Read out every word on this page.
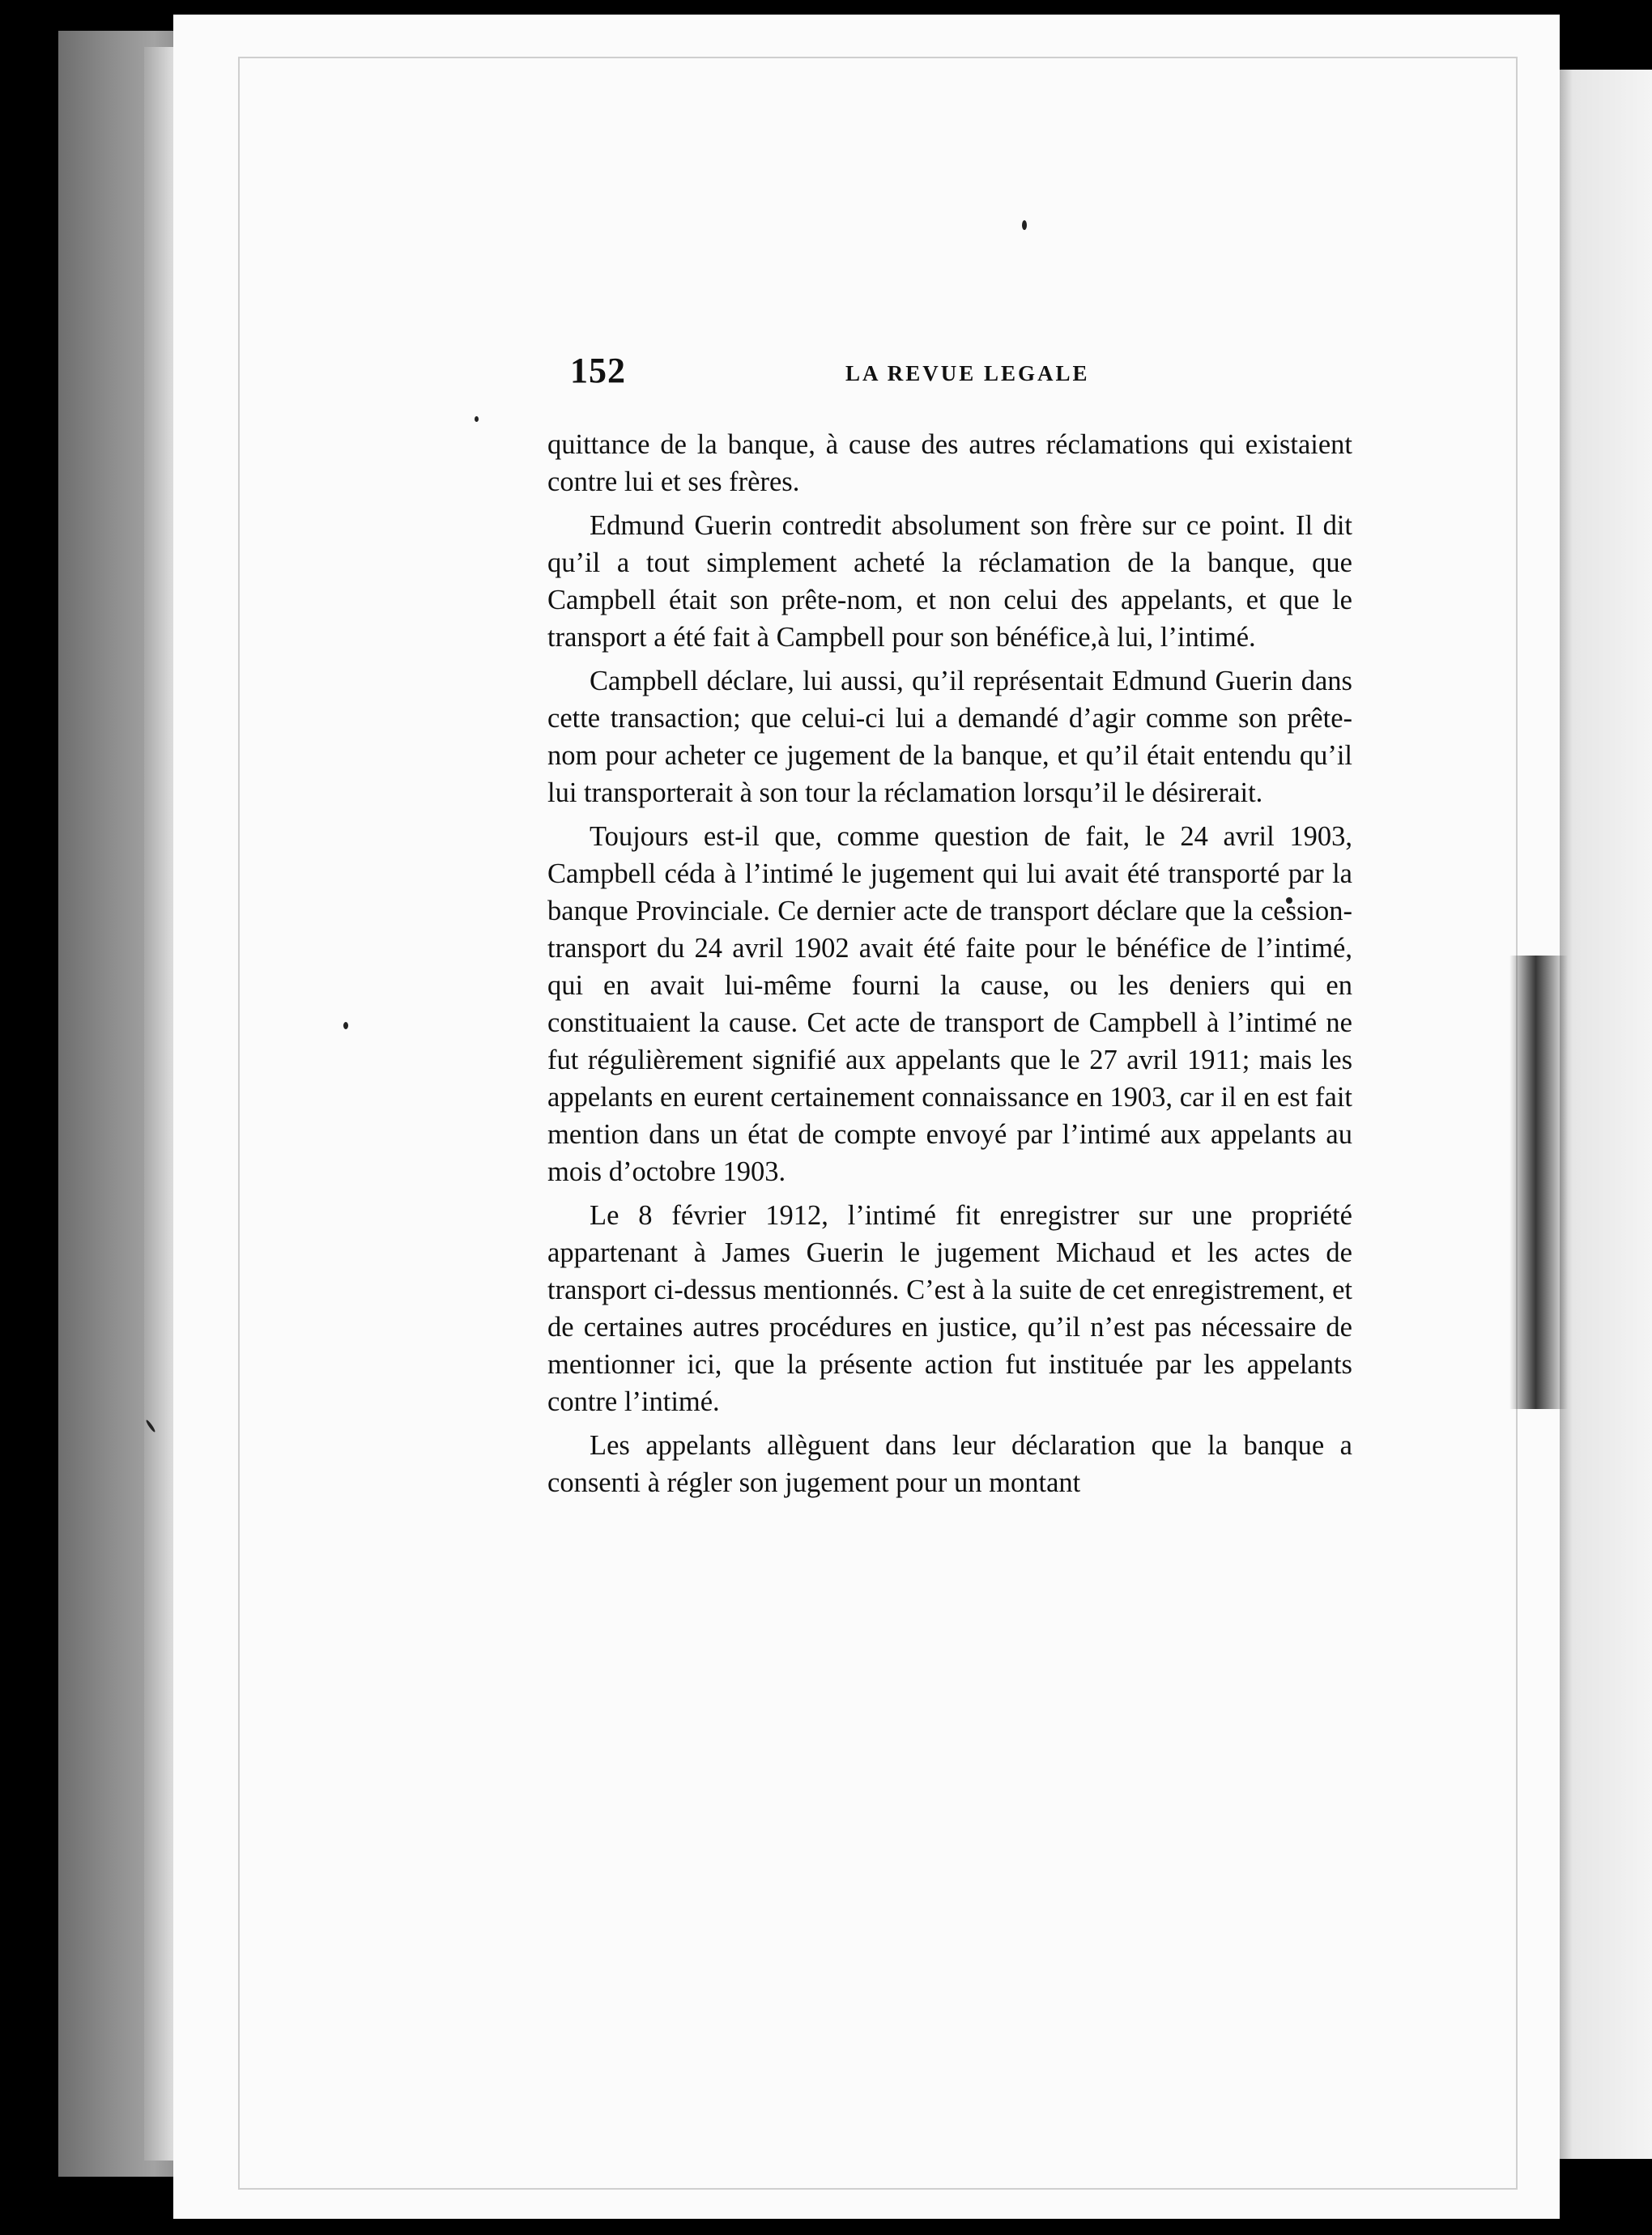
152	LA REVUE LEGALE

quittance de la banque, à cause des autres réclamations qui existaient contre lui et ses frères.

Edmund Guerin contredit absolument son frère sur ce point. Il dit qu’il a tout simplement acheté la réclamation de la banque, que Campbell était son prête-nom, et non celui des appelants, et que le transport a été fait à Campbell pour son bénéfice,à lui, l’intimé.

Campbell déclare, lui aussi, qu’il représentait Edmund Guerin dans cette transaction; que celui-ci lui a demandé d’agir comme son prête-nom pour acheter ce jugement de la banque, et qu’il était entendu qu’il lui transporterait à son tour la réclamation lorsqu’il le désirerait.

Toujours est-il que, comme question de fait, le 24 avril 1903, Campbell céda à l’intimé le jugement qui lui avait été transporté par la banque Provinciale. Ce dernier acte de transport déclare que la cession-transport du 24 avril 1902 avait été faite pour le bénéfice de l’intimé, qui en avait lui-même fourni la cause, ou les deniers qui en constituaient la cause. Cet acte de transport de Campbell à l’intimé ne fut régulièrement signifié aux appelants que le 27 avril 1911; mais les appelants en eurent certainement connaissance en 1903, car il en est fait mention dans un état de compte envoyé par l’intimé aux appelants au mois d’octobre 1903.

Le 8 février 1912, l’intimé fit enregistrer sur une propriété appartenant à James Guerin le jugement Michaud et les actes de transport ci-dessus mentionnés. C’est à la suite de cet enregistrement, et de certaines autres procédures en justice, qu’il n’est pas nécessaire de mentionner ici, que la présente action fut instituée par les appelants contre l’intimé.

Les appelants allèguent dans leur déclaration que la banque a consenti à régler son jugement pour un montant
